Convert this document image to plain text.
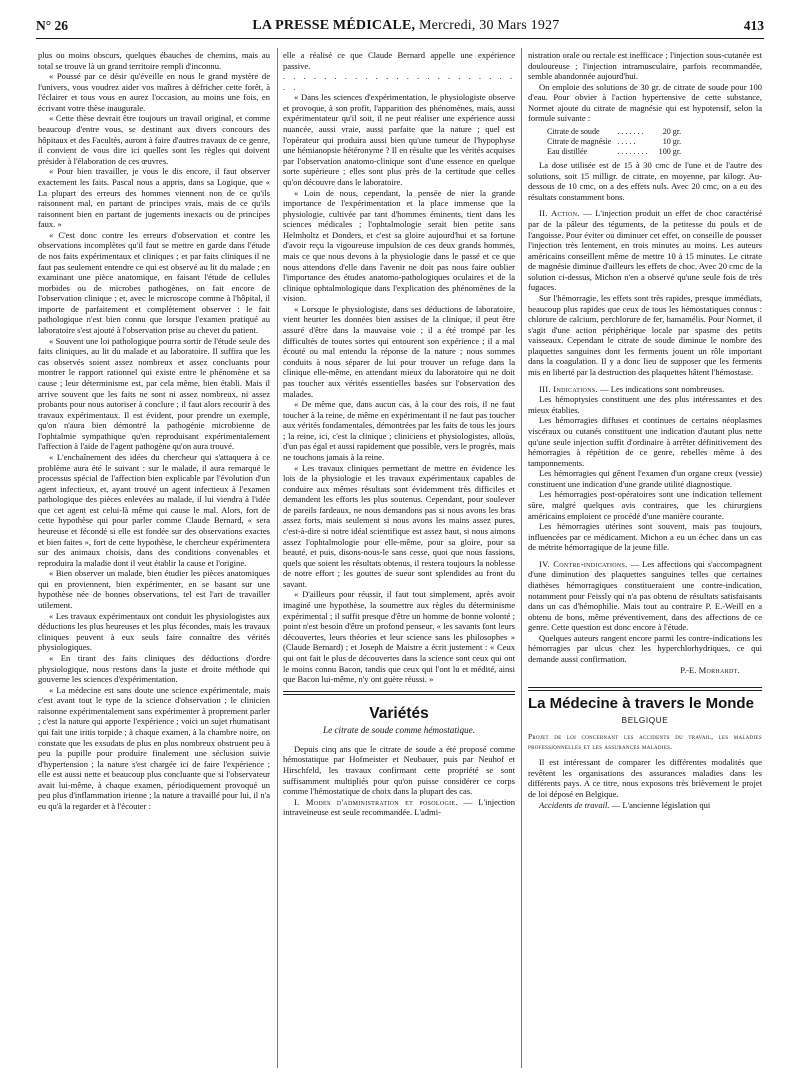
N° 26	LA PRESSE MÉDICALE, Mercredi, 30 Mars 1927	413

plus ou moins obscurs, quelques ébauches de chemins, mais au total se trouve là un grand territoire rempli d'inconnu.

« Poussé par ce désir qu'éveille en nous le grand mystère de l'univers, vous voudrez aider vos maîtres à défricher cette forêt, à l'éclairer et tous vous en aurez l'occasion, au moins une fois, en écrivant votre thèse inaugurale.

« Cette thèse devrait être toujours un travail original, et comme beaucoup d'entre vous, se destinant aux divers concours des hôpitaux et des Facultés, auront à faire d'autres travaux de ce genre, il convient de vous dire ici quelles sont les règles qui doivent présider à l'élaboration de ces œuvres.

« Pour bien travailler, je vous le dis encore, il faut observer exactement les faits. Pascal nous a appris, dans sa Logique, que « La plupart des erreurs des hommes viennent non de ce qu'ils raisonnent mal, en partant de principes vrais, mais de ce qu'ils raisonnent bien en partant de jugements inexacts ou de principes faux. »

« C'est donc contre les erreurs d'observation et contre les observations incomplètes qu'il faut se mettre en garde dans l'étude de nos faits expérimentaux et cliniques ; et par faits cliniques il ne faut pas seulement entendre ce qui est observé au lit du malade ; en examinant une pièce anatomique, en faisant l'étude de cellules morbides ou de microbes pathogènes, on fait encore de l'observation clinique ; et, avec le microscope comme à l'hôpital, il importe de parfaitement et complètement observer : le fait pathologique n'est bien connu que lorsque l'examen pratiqué au laboratoire s'est ajouté à l'observation prise au chevet du patient.

« Souvent une loi pathologique pourra sortir de l'étude seule des faits cliniques, au lit du malade et au laboratoire. Il suffira que les cas observés soient assez nombreux et assez concluants pour montrer le rapport rationnel qui existe entre le phénomène et sa cause ; leur déterminisme est, par cela même, bien établi. Mais il arrive souvent que les faits ne sont ni assez nombreux, ni assez probants pour nous autoriser à conclure ; il faut alors recourir à des travaux expérimentaux. Il est évident, pour prendre un exemple, qu'on n'aura bien démontré la pathogénie microbienne de l'ophtalmie sympathique qu'en reproduisant expérimentalement l'affection à l'aide de l'agent pathogène qu'on aura trouvé.

« L'enchaînement des idées du chercheur qui s'attaquera à ce problème aura été le suivant : sur le malade, il aura remarqué le processus spécial de l'affection bien explicable par l'évolution d'un agent infectieux, et, ayant trouvé un agent infectieux à l'examen pathologique des pièces enlevées au malade, il lui viendra à l'idée que cet agent est celui-là même qui cause le mal. Alors, fort de cette hypothèse qui pour parler comme Claude Bernard, « sera heureuse et fécondé si elle est fondée sur des observations exactes et bien faites », fort de cette hypothèse, le chercheur expérimentera sur des animaux choisis, dans des conditions convenables et reproduira la maladie dont il veut établir la cause et l'origine.

« Bien observer un malade, bien étudier les pièces anatomiques qui en proviennent, bien expérimenter, en se basant sur une hypothèse née de bonnes observations, tel est l'art de travailler utilement.

« Les travaux expérimentaux ont conduit les physiologistes aux déductions les plus heureuses et les plus fécondes, mais les travaux cliniques peuvent à eux seuls faire connaître des vérités physiologiques.

« En tirant des faits cliniques des déductions d'ordre physiologique, nous restons dans la juste et droite méthode qui gouverne les sciences d'expérimentation.

« La médecine est sans doute une science expérimentale, mais c'est avant tout le type de la science d'observation ; le clinicien raisonne expérimentalement sans expérimenter à proprement parler ; c'est la nature qui apporte l'expérience ; voici un sujet rhumatisant qui fait une iritis torpide ; à chaque examen, à la chambre noire, on constate que les exsudats de plus en plus nombreux obstruent peu à peu la pupille pour produire finalement une séclusion suivie d'hypertension ; la nature s'est chargée ici de faire l'expérience ; elle est aussi nette et beaucoup plus concluante que si l'observateur avait lui-même, à chaque examen, périodiquement provoqué un peu plus d'inflammation irienne ; la nature a travaillé pour lui, il n'a eu qu'à la regarder et à l'écouter :

elle a réalisé ce que Claude Bernard appelle une expérience passive.

. . . . . . . . . . . . . . . . . . . . . . . . .

« Dans les sciences d'expérimentation, le physiologiste observe et provoque, à son profit, l'apparition des phénomènes, mais, aussi expérimentateur qu'il soit, il ne peut réaliser une expérience aussi nuancée, aussi vraie, aussi parfaite que la nature ; quel est l'opérateur qui produira aussi bien qu'une tumeur de l'hypophyse une hémianopsie hétéronyme ? Il en résulte que les vérités acquises par l'observation anatomo-clinique sont d'une essence en quelque sorte supérieure ; elles sont plus près de la certitude que celles qu'on découvre dans le laboratoire.

« Loin de nous, cependant, la pensée de nier la grande importance de l'expérimentation et la place immense que la physiologie, cultivée par tant d'hommes éminents, tient dans les sciences médicales ; l'ophtalmologie serait bien petite sans Helmholtz et Donders, et c'est sa gloire aujourd'hui et sa fortune d'avoir reçu la vigoureuse impulsion de ces deux grands hommes, mais ce que nous devons à la physiologie dans le passé et ce que nous attendons d'elle dans l'avenir ne doit pas nous faire oublier l'importance des études anatomo-pathologiques oculaires et de la clinique ophtalmologique dans l'explication des phénomènes de la vision.

« Lorsque le physiologiste, dans ses déductions de laboratoire, vient heurter les données bien assises de la clinique, il peut être assuré d'être dans la mauvaise voie ; il a été trompé par les difficultés de toutes sortes qui entourent son expérience ; il a mal écouté ou mal entendu la réponse de la nature ; nous sommes conduits à nous séparer de lui pour trouver un refuge dans la clinique elle-même, en attendant mieux du laboratoire qui ne doit pas toucher aux vérités essentielles basées sur l'observation des malades.

« De même que, dans aucun cas, à la cour des rois, il ne faut toucher à la reine, de même en expérimentant il ne faut pas toucher aux vérités fondamentales, démontrées par les faits de tous les jours ; la reine, ici, c'est la clinique ; cliniciens et physiologistes, alloùs, d'un pas égal et aussi rapidement que possible, vers le progrès, mais ne touchons jamais à la reine.

« Les travaux cliniques permettant de mettre en évidence les lois de la physiologie et les travaux expérimentaux capables de conduire aux mêmes résultats sont évidemment très difficiles et demandent les efforts les plus soutenus. Cependant, pour soulever de pareils fardeaux, ne nous demandons pas si nous avons les bras assez forts, mais seulement si nous avons les mains assez pures, c'est-à-dire si notre idéal scientifique est assez haut, si nous aimons assez l'ophtalmologie pour elle-même, pour sa gloire, pour sa beauté, et puis, disons-nous-le sans cesse, quoi que nous fassions, quels que soient les résultats obtenus, il restera toujours la noblesse de notre effort ; les gouttes de sueur sont splendides au front du savant.

« D'ailleurs pour réussir, il faut tout simplement, après avoir imaginé une hypothèse, la soumettre aux règles du déterminisme expérimental ; il suffit presque d'être un homme de bonne volonté ; point n'est besoin d'être un profond penseur, « les savants font leurs découvertes, leurs théories et leur science sans les philosophes » (Claude Bernard) ; et Joseph de Maistre a écrit justement : « Ceux qui ont fait le plus de découvertes dans la science sont ceux qui ont le moins connu Bacon, tandis que ceux qui l'ont lu et médité, ainsi que Bacon lui-même, n'y ont guère réussi. »

Variétés
Le citrate de soude comme hémostatique.

Depuis cinq ans que le citrate de soude a été proposé comme hémostatique par Hofmeister et Neubauer, puis par Neuhof et Hirschfeld, les travaux confirmant cette propriété se sont suffisamment multipliés pour qu'on puisse considérer ce corps comme l'hémostatique de choix dans la plupart des cas.

I. Modes d'administration et posologie. — L'injection intraveineuse est seule recommandée. L'admi-

nistration orale ou rectale est inefficace ; l'injection sous-cutanée est douloureuse ; l'injection intramusculaire, parfois recommandée, semble abandonnée aujourd'hui.

On emploie des solutions de 30 gr. de citrate de soude pour 100 d'eau. Pour obvier à l'action hypertensive de cette substance, Normet ajoute du citrate de magnésie qui est hypotensif, selon la formule suivante :

Citrate de soude	. . . . . . .	20 gr.
Citrate de magnésie	. . . . .	10 gr.
Eau distillée	. . . . . . . .	100 gr.

La dose utilisée est de 15 à 30 cmc de l'une et de l'autre des solutions, soit 15 milligr. de citrate, en moyenne, par kilogr. Au-dessous de 10 cmc, on a des effets nuls. Avec 20 cmc, on a eu des résultats constamment bons.

II. Action. — L'injection produit un effet de choc caractérisé par de la pâleur des téguments, de la petitesse du pouls et de l'angoisse. Pour éviter ou diminuer cet effet, on conseille de pousser l'injection très lentement, en trois minutes au moins. Les auteurs américains conseillent même de mettre 10 à 15 minutes. Le citrate de magnésie diminue d'ailleurs les effets de choc. Avec 20 cmc de la solution ci-dessus, Michon n'en a observé qu'une seule fois de très fugaces.

Sur l'hémorragie, les effets sont très rapides, presque immédiats, beaucoup plus rapides que ceux de tous les hémostatiques connus : chlorure de calcium, perchlorure de fer, hamamélis. Pour Normet, il s'agit d'une action périphérique locale par spasme des petits vaisseaux. Cependant le citrate de soude diminue le nombre des plaquettes sanguines dont les ferments jouent un rôle important dans la coagulation. Il y a donc lieu de supposer que les ferments mis en liberté par la destruction des plaquettes hâtent l'hémostase.

III. Indications. — Les indications sont nombreuses.

Les hémoptysies constituent une des plus intéressantes et des mieux établies.

Les hémorragies diffuses et continues de certains néoplasmes viscéraux ou cutanés constituent une indication d'autant plus nette qu'une seule injection suffit d'ordinaire à arrêter définitivement des hémorragies à répétition de ce genre, rebelles même à des tamponnements.

Les hémorragies qui gênent l'examen d'un organe creux (vessie) constituent une indication d'une grande utilité diagnostique.

Les hémorragies post-opératoires sont une indication tellement sûre, malgré quelques avis contraires, que les chirurgiens américains emploient ce procédé d'une manière courante.

Les hémorragies utérines sont souvent, mais pas toujours, influencées par ce médicament. Michon a eu un échec dans un cas de métrite hémorragique de la jeune fille.

IV. Contre-indications. — Les affections qui s'accompagnent d'une diminution des plaquettes sanguines telles que certaines diathèses hémorragiques constitueraient une contre-indication, notamment pour Feissly qui n'a pas obtenu de résultats satisfaisants dans un cas d'hémophilie. Mais tout au contraire P. E.-Weill en a obtenu de bons, même préventivement, dans des affections de ce genre. Cette question est donc encore à l'étude.

Quelques auteurs rangent encore parmi les contre-indications les hémorragies par ulcus chez les hyperchlorhydriques, ce qui demande aussi confirmation.

P.-E. Morhardt.
La Médecine à travers le Monde
BELGIQUE

Projet de loi concernant les accidents du travail, les maladies professionnelles et les assurances maladies.

Il est intéressant de comparer les différentes modalités que revêtent les organisations des assurances maladies dans les différents pays. A ce titre, nous exposons très brièvement le projet de loi déposé en Belgique.

Accidents de travail. — L'ancienne législation qui
